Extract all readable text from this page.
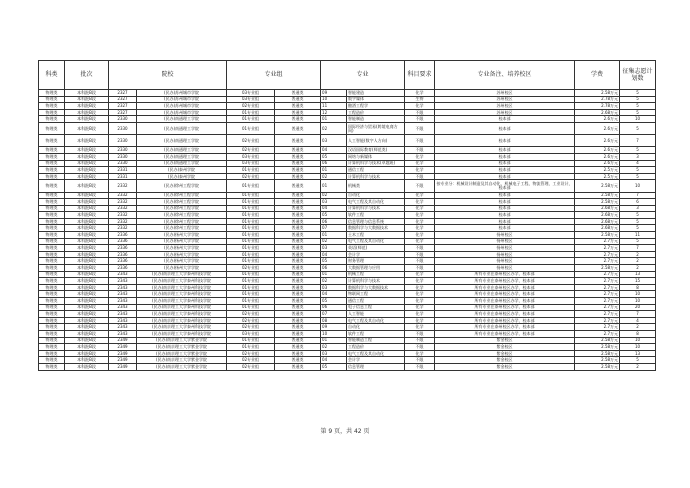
科类	批次	院校		专业组		专业		科目要求	专业备注、培养校区	学费	征集志愿计划数
物理类	本科批B段	2327	(民办)苏州城市学院	03专业组	普通类	09	智能建造	化学	苏州校区	2.58万元	5
物理类	本科批B段	2327	(民办)苏州城市学院	03专业组	普通类	10	数字媒体	生物	苏州校区	2.78万元	5
物理类	本科批B段	2327	(民办)苏州城市学院	02专业组	普通类	11	酿酒工程学	化学	苏州校区	2.78万元	5
物理类	本科批B段	2327	(民办)苏州城市学院	01专业组	普通类	12	工程造价	不限	苏州校区	2.68万元	5
物理类	本科批B段	2330	(民办)南通理工学院	01专业组	普通类	01	智能制造	不限	校本部	2.6万元	10
物理类	本科批B段	2330	(民办)南通理工学院	01专业组	普通类	02	国际经济与贸易(跨境电商方向)	不限	校本部	2.6万元	5
物理类	本科批B段	2330	(民办)南通理工学院	02专业组	普通类	03	人工智能(数字人方向)	不限	校本部	2.6万元	7
物理类	本科批B段	2330	(民办)南通理工学院	02专业组	普通类	04	汉语国际教育(师范类)	不限	校本部	2.6万元	5
物理类	本科批B段	2330	(民办)南通理工学院	03专业组	普通类	05	网络与新媒体	化学	校本部	2.6万元	3
物理类	本科批B段	2330	(民办)南通理工学院	03专业组	普通类	06	计算机科学与技术(卓越班)	化学	校本部	2.6万元	4
物理类	本科批B段	2331	(民办)泰州学院	01专业组	普通类	01	通信工程	化学	校本部	2.5万元	5
物理类	本科批B段	2331	(民办)泰州学院	02专业组	普通类	02	计算机科学与技术	不限	校本部	2.5万元	5
物理类	本科批B段	2332	(民办)徐州工程学院	01专业组	普通类	01	机械类	不限	按专业分：机械设计制造及其自动化、机械电子工程、物流管理、工业设计，校本部	2.58万元	10
物理类	本科批B段	2332	(民办)徐州工程学院	01专业组	普通类	02	自动化	化学	校本部	2.58万元	7
物理类	本科批B段	2332	(民办)徐州工程学院	01专业组	普通类	03	电气工程及其自动化	化学	校本部	2.58万元	6
物理类	本科批B段	2332	(民办)徐州工程学院	01专业组	普通类	04	计算机科学与技术	化学	校本部	2.68万元	3
物理类	本科批B段	2332	(民办)徐州工程学院	01专业组	普通类	05	软件工程	化学	校本部	2.68万元	5
物理类	本科批B段	2332	(民办)徐州工程学院	01专业组	普通类	06	信息管理与信息系统	化学	校本部	2.68万元	5
物理类	本科批B段	2332	(民办)徐州工程学院	01专业组	普通类	07	数据科学与大数据技术	化学	校本部	2.68万元	5
物理类	本科批B段	2336	(民办)扬州大学学院	01专业组	普通类	01	土木工程	化学	扬州校区	2.58万元	11
物理类	本科批B段	2336	(民办)扬州大学学院	01专业组	普通类	02	电气工程及其自动化	化学	扬州校区	2.7万元	5
物理类	本科批B段	2336	(民办)扬州大学学院	01专业组	普通类	03	英语(师范)	不限	扬州校区	2.7万元	7
物理类	本科批B段	2336	(民办)扬州大学学院	01专业组	普通类	04	会计学	不限	扬州校区	2.7万元	2
物理类	本科批B段	2336	(民办)扬州大学学院	01专业组	普通类	05	财务管理	不限	扬州校区	2.7万元	2
物理类	本科批B段	2336	(民办)扬州大学学院	02专业组	普通类	06	大数据管理与应用	不限	扬州校区	2.58万元	2
物理类	本科批B段	2343	(民办)南京理工大学泰州科技学院	01专业组	普通类	01	机械工程	化学	所有专业在泰州校区办学，校本部	2.7万元	13
物理类	本科批B段	2343	(民办)南京理工大学泰州科技学院	01专业组	普通类	02	计算机科学与技术	化学	所有专业在泰州校区办学，校本部	2.7万元	15
物理类	本科批B段	2343	(民办)南京理工大学泰州科技学院	01专业组	普通类	03	数据科学与大数据技术	化学	所有专业在泰州校区办学，校本部	2.7万元	8
物理类	本科批B段	2343	(民办)南京理工大学泰州科技学院	01专业组	普通类	04	物联网工程	化学	所有专业在泰州校区办学，校本部	2.7万元	10
物理类	本科批B段	2343	(民办)南京理工大学泰州科技学院	01专业组	普通类	05	通信工程	化学	所有专业在泰州校区办学，校本部	2.7万元	10
物理类	本科批B段	2343	(民办)南京理工大学泰州科技学院	01专业组	普通类	06	电子信息工程	化学	所有专业在泰州校区办学，校本部	2.7万元	20
物理类	本科批B段	2343	(民办)南京理工大学泰州科技学院	02专业组	普通类	07	人工智能	化学	所有专业在泰州校区办学，校本部	2.7万元	7
物理类	本科批B段	2343	(民办)南京理工大学泰州科技学院	02专业组	普通类	08	电气工程及其自动化	化学	所有专业在泰州校区办学，校本部	2.7万元	4
物理类	本科批B段	2343	(民办)南京理工大学泰州科技学院	02专业组	普通类	09	自动化	化学	所有专业在泰州校区办学，校本部	2.7万元	2
物理类	本科批B段	2343	(民办)南京理工大学泰州科技学院	03专业组	普通类	10	软件工程	不限	所有专业在泰州校区办学，校本部	2.7万元	8
物理类	本科批B段	2349	(民办)南京理工大学紫金学院	01专业组	普通类	01	智能制造工程	不限	紫金校区	2.58万元	10
物理类	本科批B段	2349	(民办)南京理工大学紫金学院	01专业组	普通类	02	工程造价	不限	紫金校区	2.58万元	10
物理类	本科批B段	2349	(民办)南京理工大学紫金学院	02专业组	普通类	03	电气工程及其自动化	化学	紫金校区	2.58万元	13
物理类	本科批B段	2349	(民办)南京理工大学紫金学院	02专业组	普通类	04	会计学	不限	紫金校区	2.58万元	5
物理类	本科批B段	2349	(民办)南京理工大学紫金学院	02专业组	普通类	05	信息管理	不限	紫金校区	2.58万元	2
第 9 页，共 42 页
